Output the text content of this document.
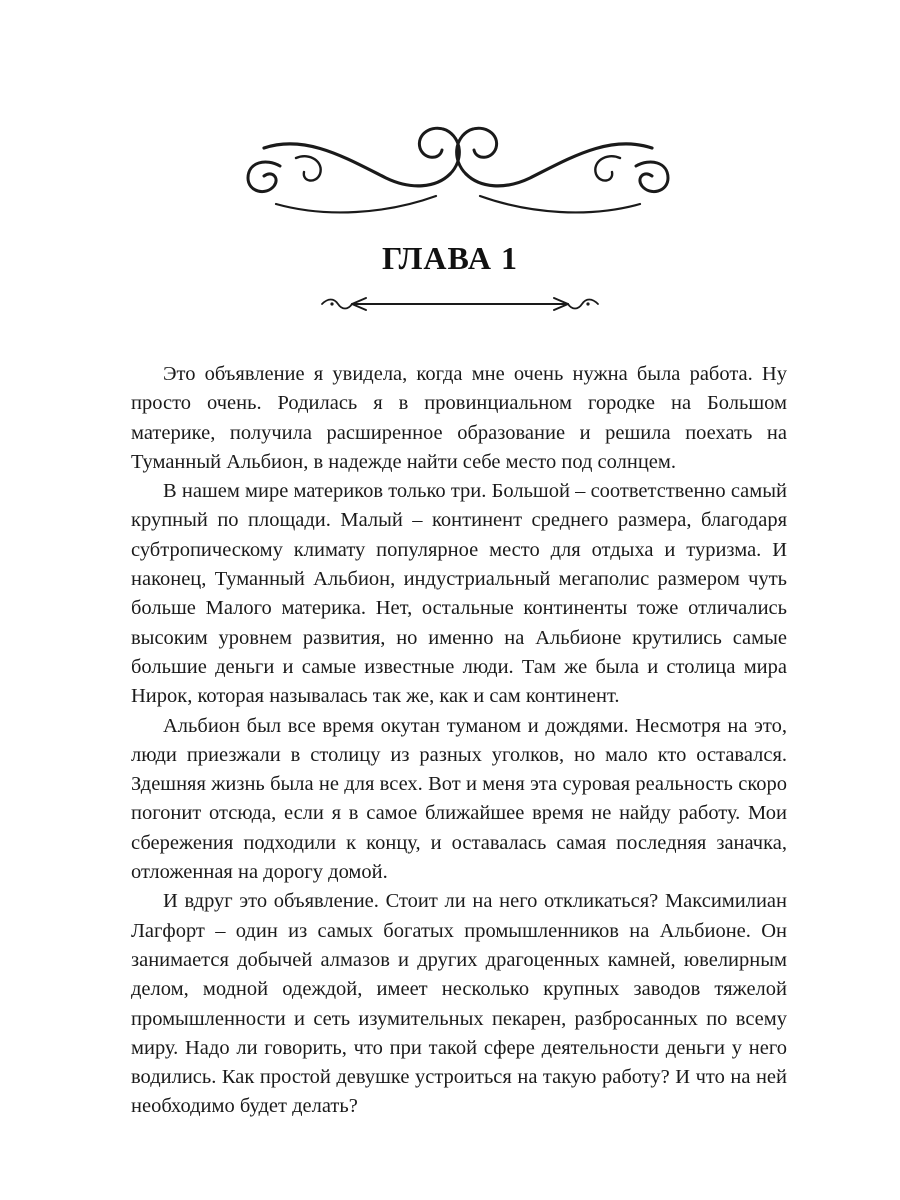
ГЛАВА 1

Это объявление я увидела, когда мне очень нужна была работа. Ну просто очень. Родилась я в провинциальном городке на Большом материке, получила расширенное образование и решила поехать на Туманный Альбион, в надежде найти себе место под солнцем.

В нашем мире материков только три. Большой – соответственно самый крупный по площади. Малый – континент среднего размера, благодаря субтропическому климату популярное место для отдыха и туризма. И наконец, Туманный Альбион, индустриальный мегаполис размером чуть больше Малого материка. Нет, остальные континенты тоже отличались высоким уровнем развития, но именно на Альбионе крутились самые большие деньги и самые известные люди. Там же была и столица мира Нирок, которая называлась так же, как и сам континент.

Альбион был все время окутан туманом и дождями. Несмотря на это, люди приезжали в столицу из разных уголков, но мало кто оставался. Здешняя жизнь была не для всех. Вот и меня эта суровая реальность скоро погонит отсюда, если я в самое ближайшее время не найду работу. Мои сбережения подходили к концу, и оставалась самая последняя заначка, отложенная на дорогу домой.

И вдруг это объявление. Стоит ли на него откликаться? Максимилиан Лагфорт – один из самых богатых промышленников на Альбионе. Он занимается добычей алмазов и других драгоценных камней, ювелирным делом, модной одеждой, имеет несколько крупных заводов тяжелой промышленности и сеть изумительных пекарен, разбросанных по всему миру. Надо ли говорить, что при такой сфере деятельности деньги у него водились. Как простой девушке устроиться на такую работу? И что на ней необходимо будет делать?
